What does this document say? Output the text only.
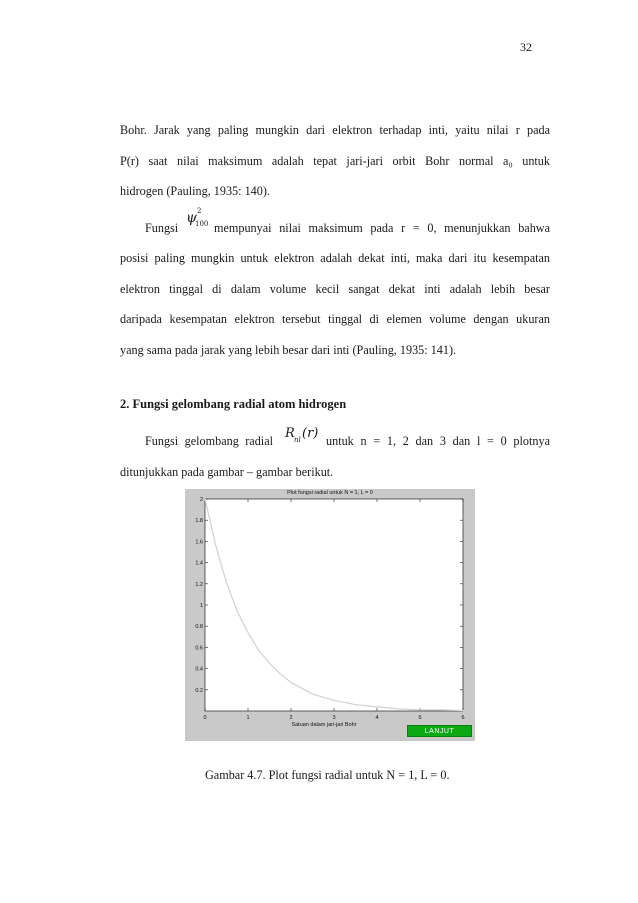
32
Bohr. Jarak yang paling mungkin dari elektron terhadap inti, yaitu nilai r pada
P(r) saat nilai maksimum adalah tepat jari-jari orbit Bohr normal a₀ untuk
hidrogen (Pauling, 1935: 140).
Fungsi
ψ 2
100 mempunyai nilai maksimum pada r = 0, menunjukkan bahwa
posisi paling mungkin untuk elektron adalah dekat inti, maka dari itu kesempatan
elektron tinggal di dalam volume kecil sangat dekat inti adalah lebih besar
daripada kesempatan elektron tersebut tinggal di elemen volume dengan ukuran
yang sama pada jarak yang lebih besar dari inti (Pauling, 1935: 141).
2. Fungsi gelombang radial atom hidrogen
Fungsi gelombang radial R nl (r) untuk n = 1, 2 dan 3 dan l = 0 plotnya
ditunjukkan pada gambar – gambar berikut.
Plot fungsi radial untuk N = 1, L = 0
0	1	2	3	4	5	6
0.2
0.4
0.6
0.8
1
1.2
1.4
1.6
1.8
2
Satuan dalam jari-jari Bohr
LANJUT
Gambar 4.7. Plot fungsi radial untuk N = 1, L = 0.
